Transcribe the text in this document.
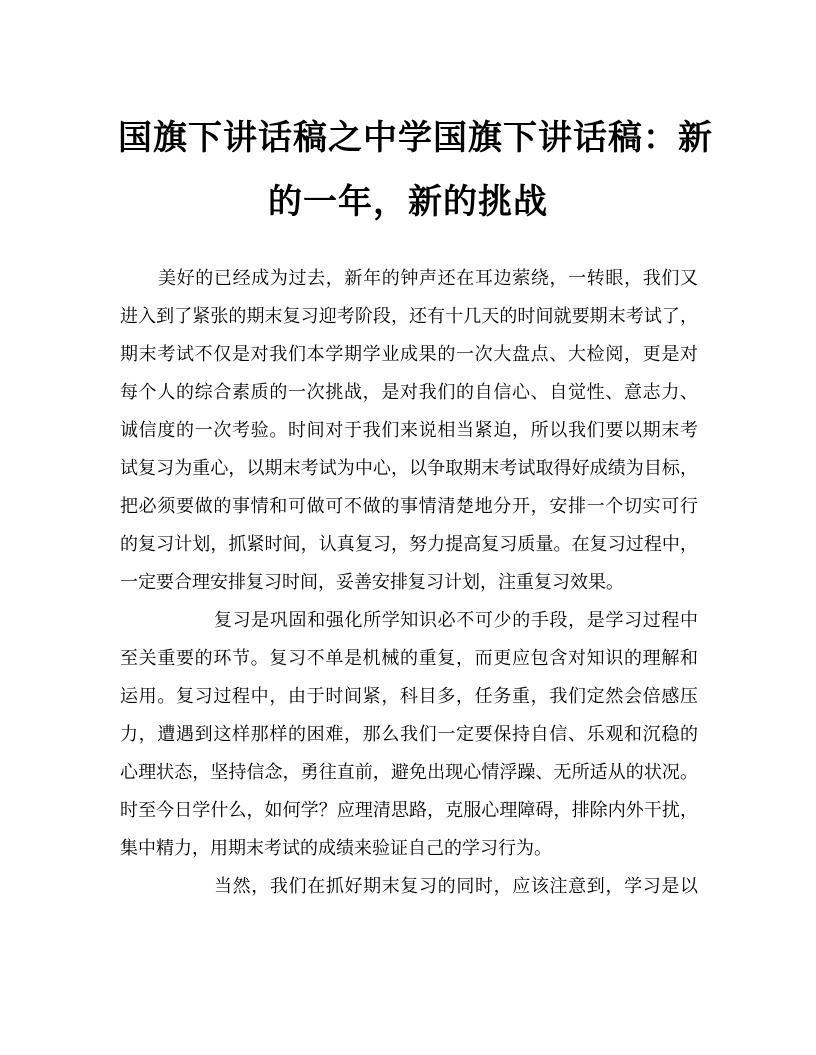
国旗下讲话稿之中学国旗下讲话稿：新
的一年，新的挑战
美好的已经成为过去，新年的钟声还在耳边萦绕，一转眼，我们又
进入到了紧张的期末复习迎考阶段，还有十几天的时间就要期末考试了，
期末考试不仅是对我们本学期学业成果的一次大盘点、大检阅，更是对
每个人的综合素质的一次挑战，是对我们的自信心、自觉性、意志力、
诚信度的一次考验。时间对于我们来说相当紧迫，所以我们要以期末考
试复习为重心，以期末考试为中心，以争取期末考试取得好成绩为目标，
把必须要做的事情和可做可不做的事情清楚地分开，安排一个切实可行
的复习计划，抓紧时间，认真复习，努力提高复习质量。在复习过程中，
一定要合理安排复习时间，妥善安排复习计划，注重复习效果。
复习是巩固和强化所学知识必不可少的手段，是学习过程中
至关重要的环节。复习不单是机械的重复，而更应包含对知识的理解和
运用。复习过程中，由于时间紧，科目多，任务重，我们定然会倍感压
力，遭遇到这样那样的困难，那么我们一定要保持自信、乐观和沉稳的
心理状态，坚持信念，勇往直前，避免出现心情浮躁、无所适从的状况。
时至今日学什么，如何学？应理清思路，克服心理障碍，排除内外干扰，
集中精力，用期末考试的成绩来验证自己的学习行为。
当然，我们在抓好期末复习的同时，应该注意到，学习是以
